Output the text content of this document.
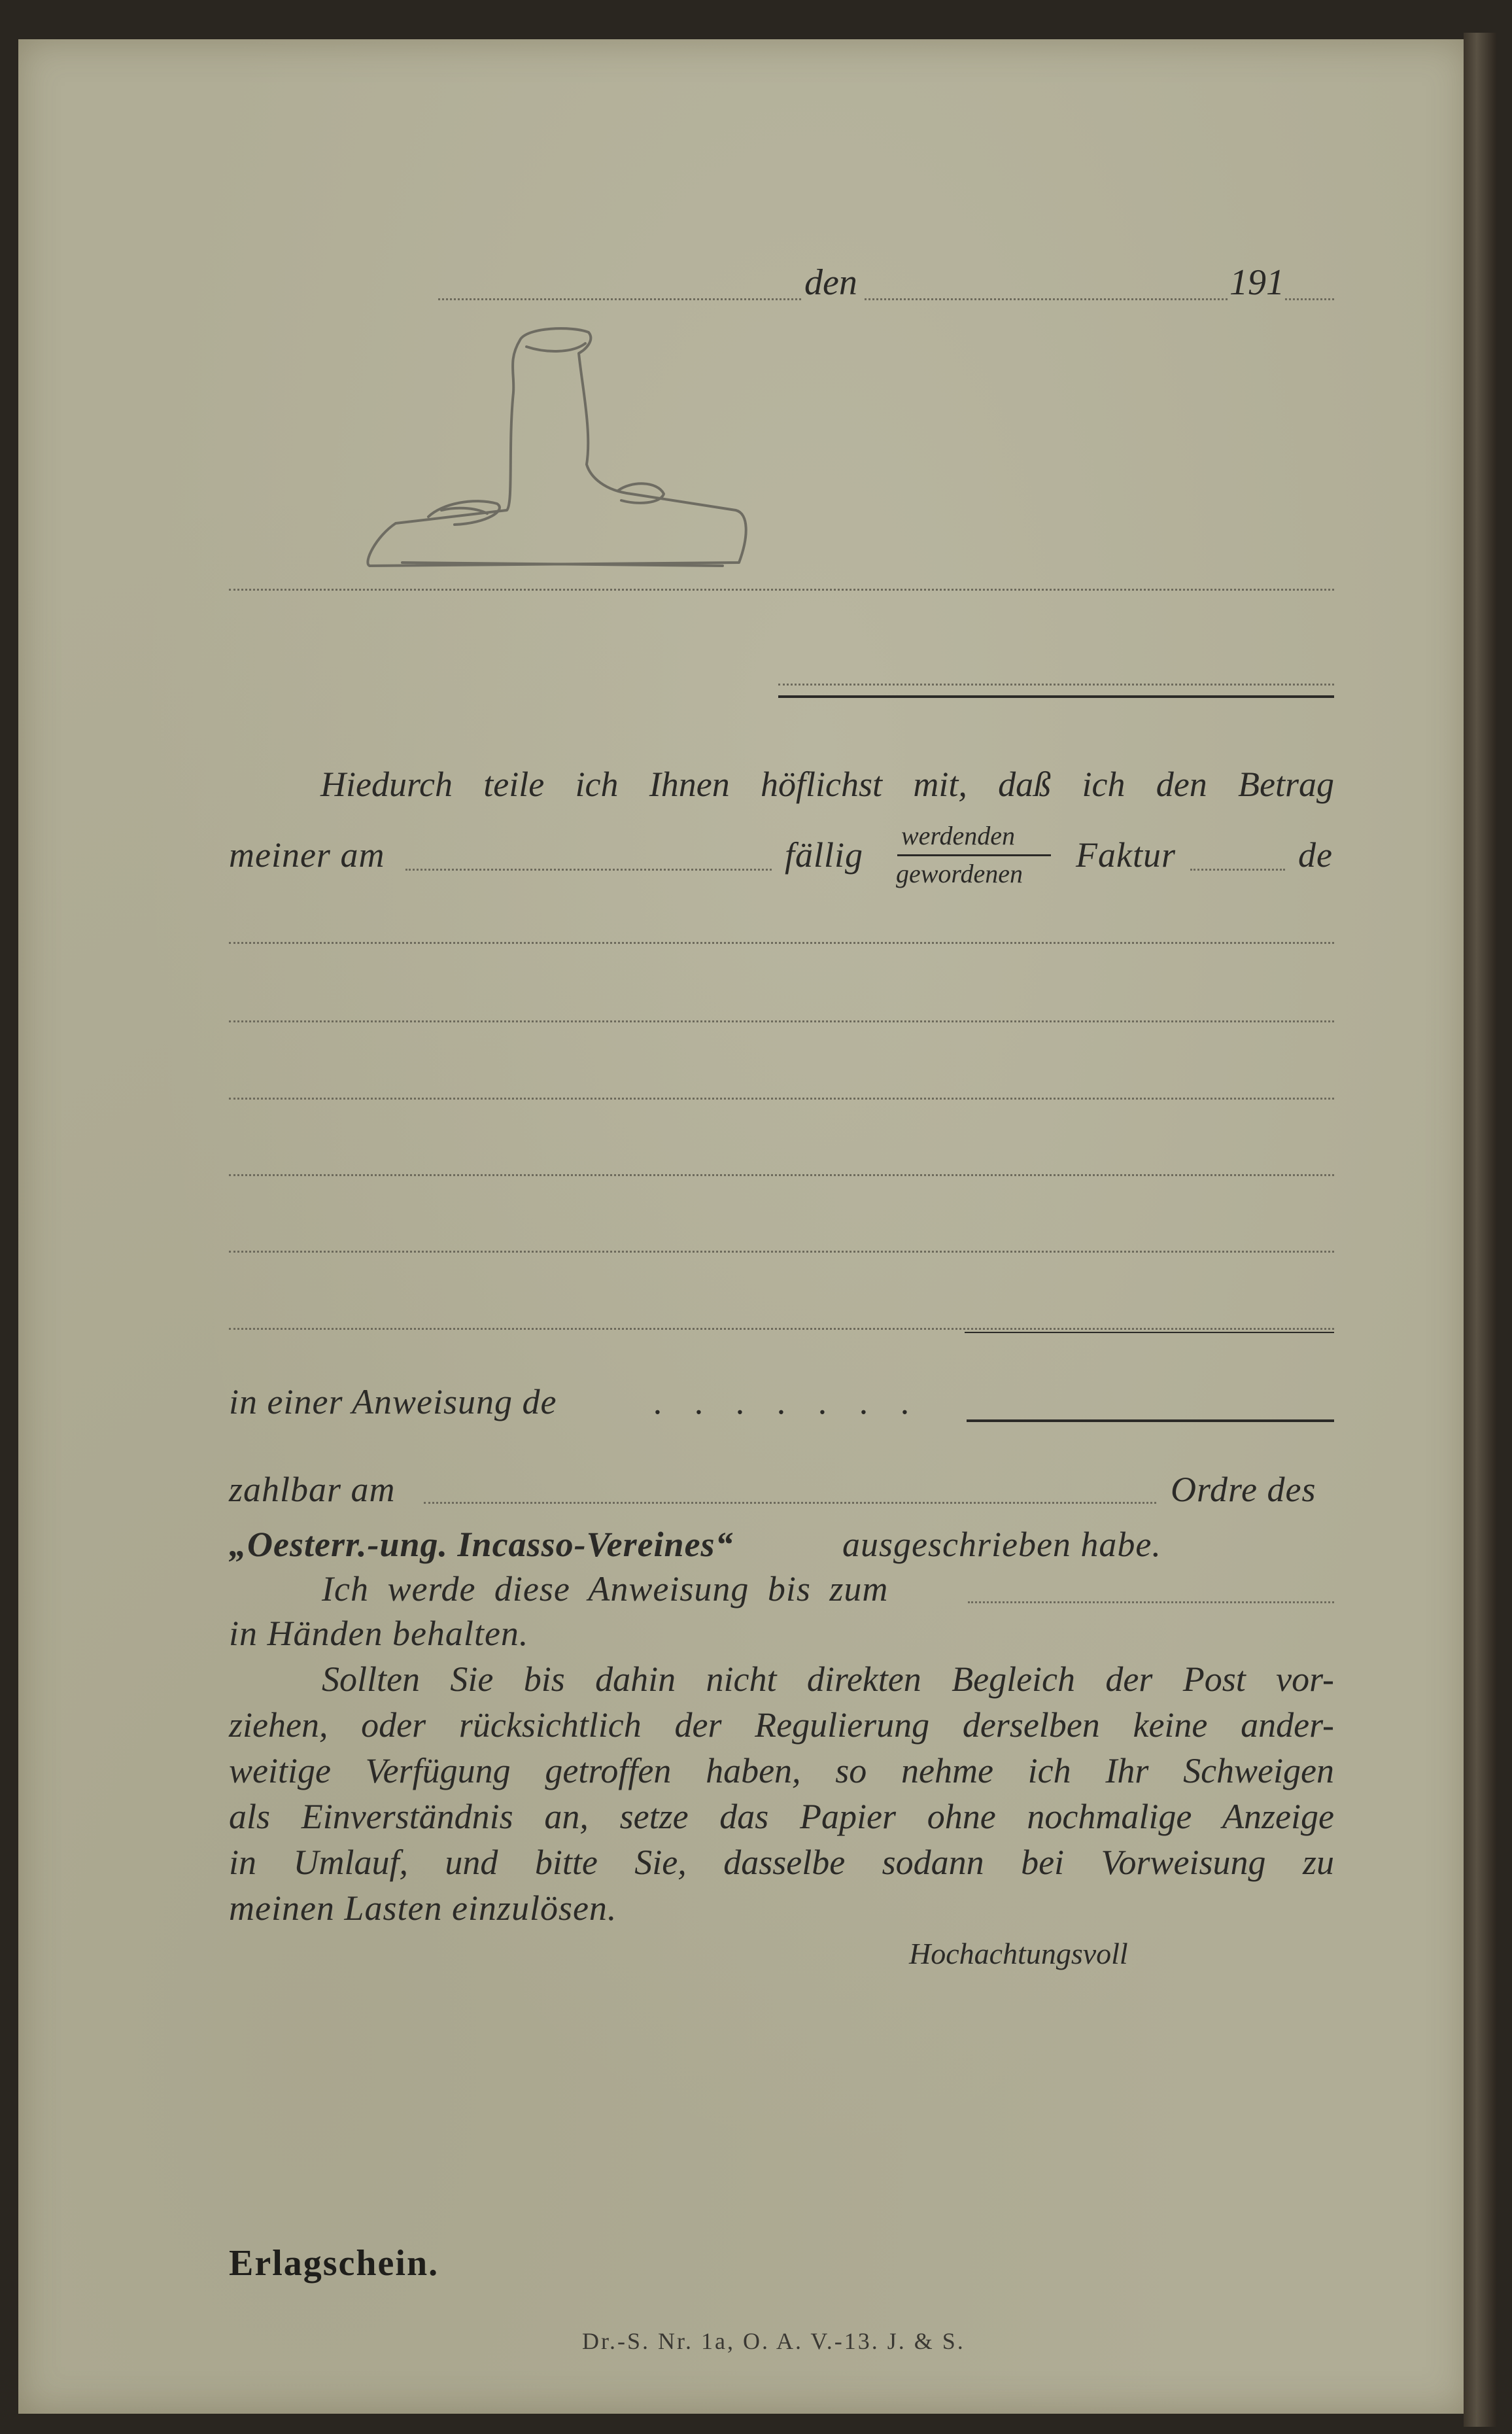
den	191
Hiedurch teile ich Ihnen höflichst mit, daß ich den Betrag
meiner am	fällig werdenden
gewordenen Faktur	de
in einer Anweisung de	. . . . . . .
zahlbar am	Ordre des
„Oesterr.-ung. Incasso-Vereines“	ausgeschrieben habe.
Ich werde diese Anweisung bis zum
in Händen behalten.
Sollten Sie bis dahin nicht direkten Begleich der Post vor-
ziehen, oder rücksichtlich der Regulierung derselben keine ander-
weitige Verfügung getroffen haben, so nehme ich Ihr Schweigen
als Einverständnis an, setze das Papier ohne nochmalige Anzeige
in Umlauf, und bitte Sie, dasselbe sodann bei Vorweisung zu
meinen Lasten einzulösen.
Hochachtungsvoll
Erlagschein.
Dr.-S. Nr. 1a, O. A. V.-13. J. & S.
